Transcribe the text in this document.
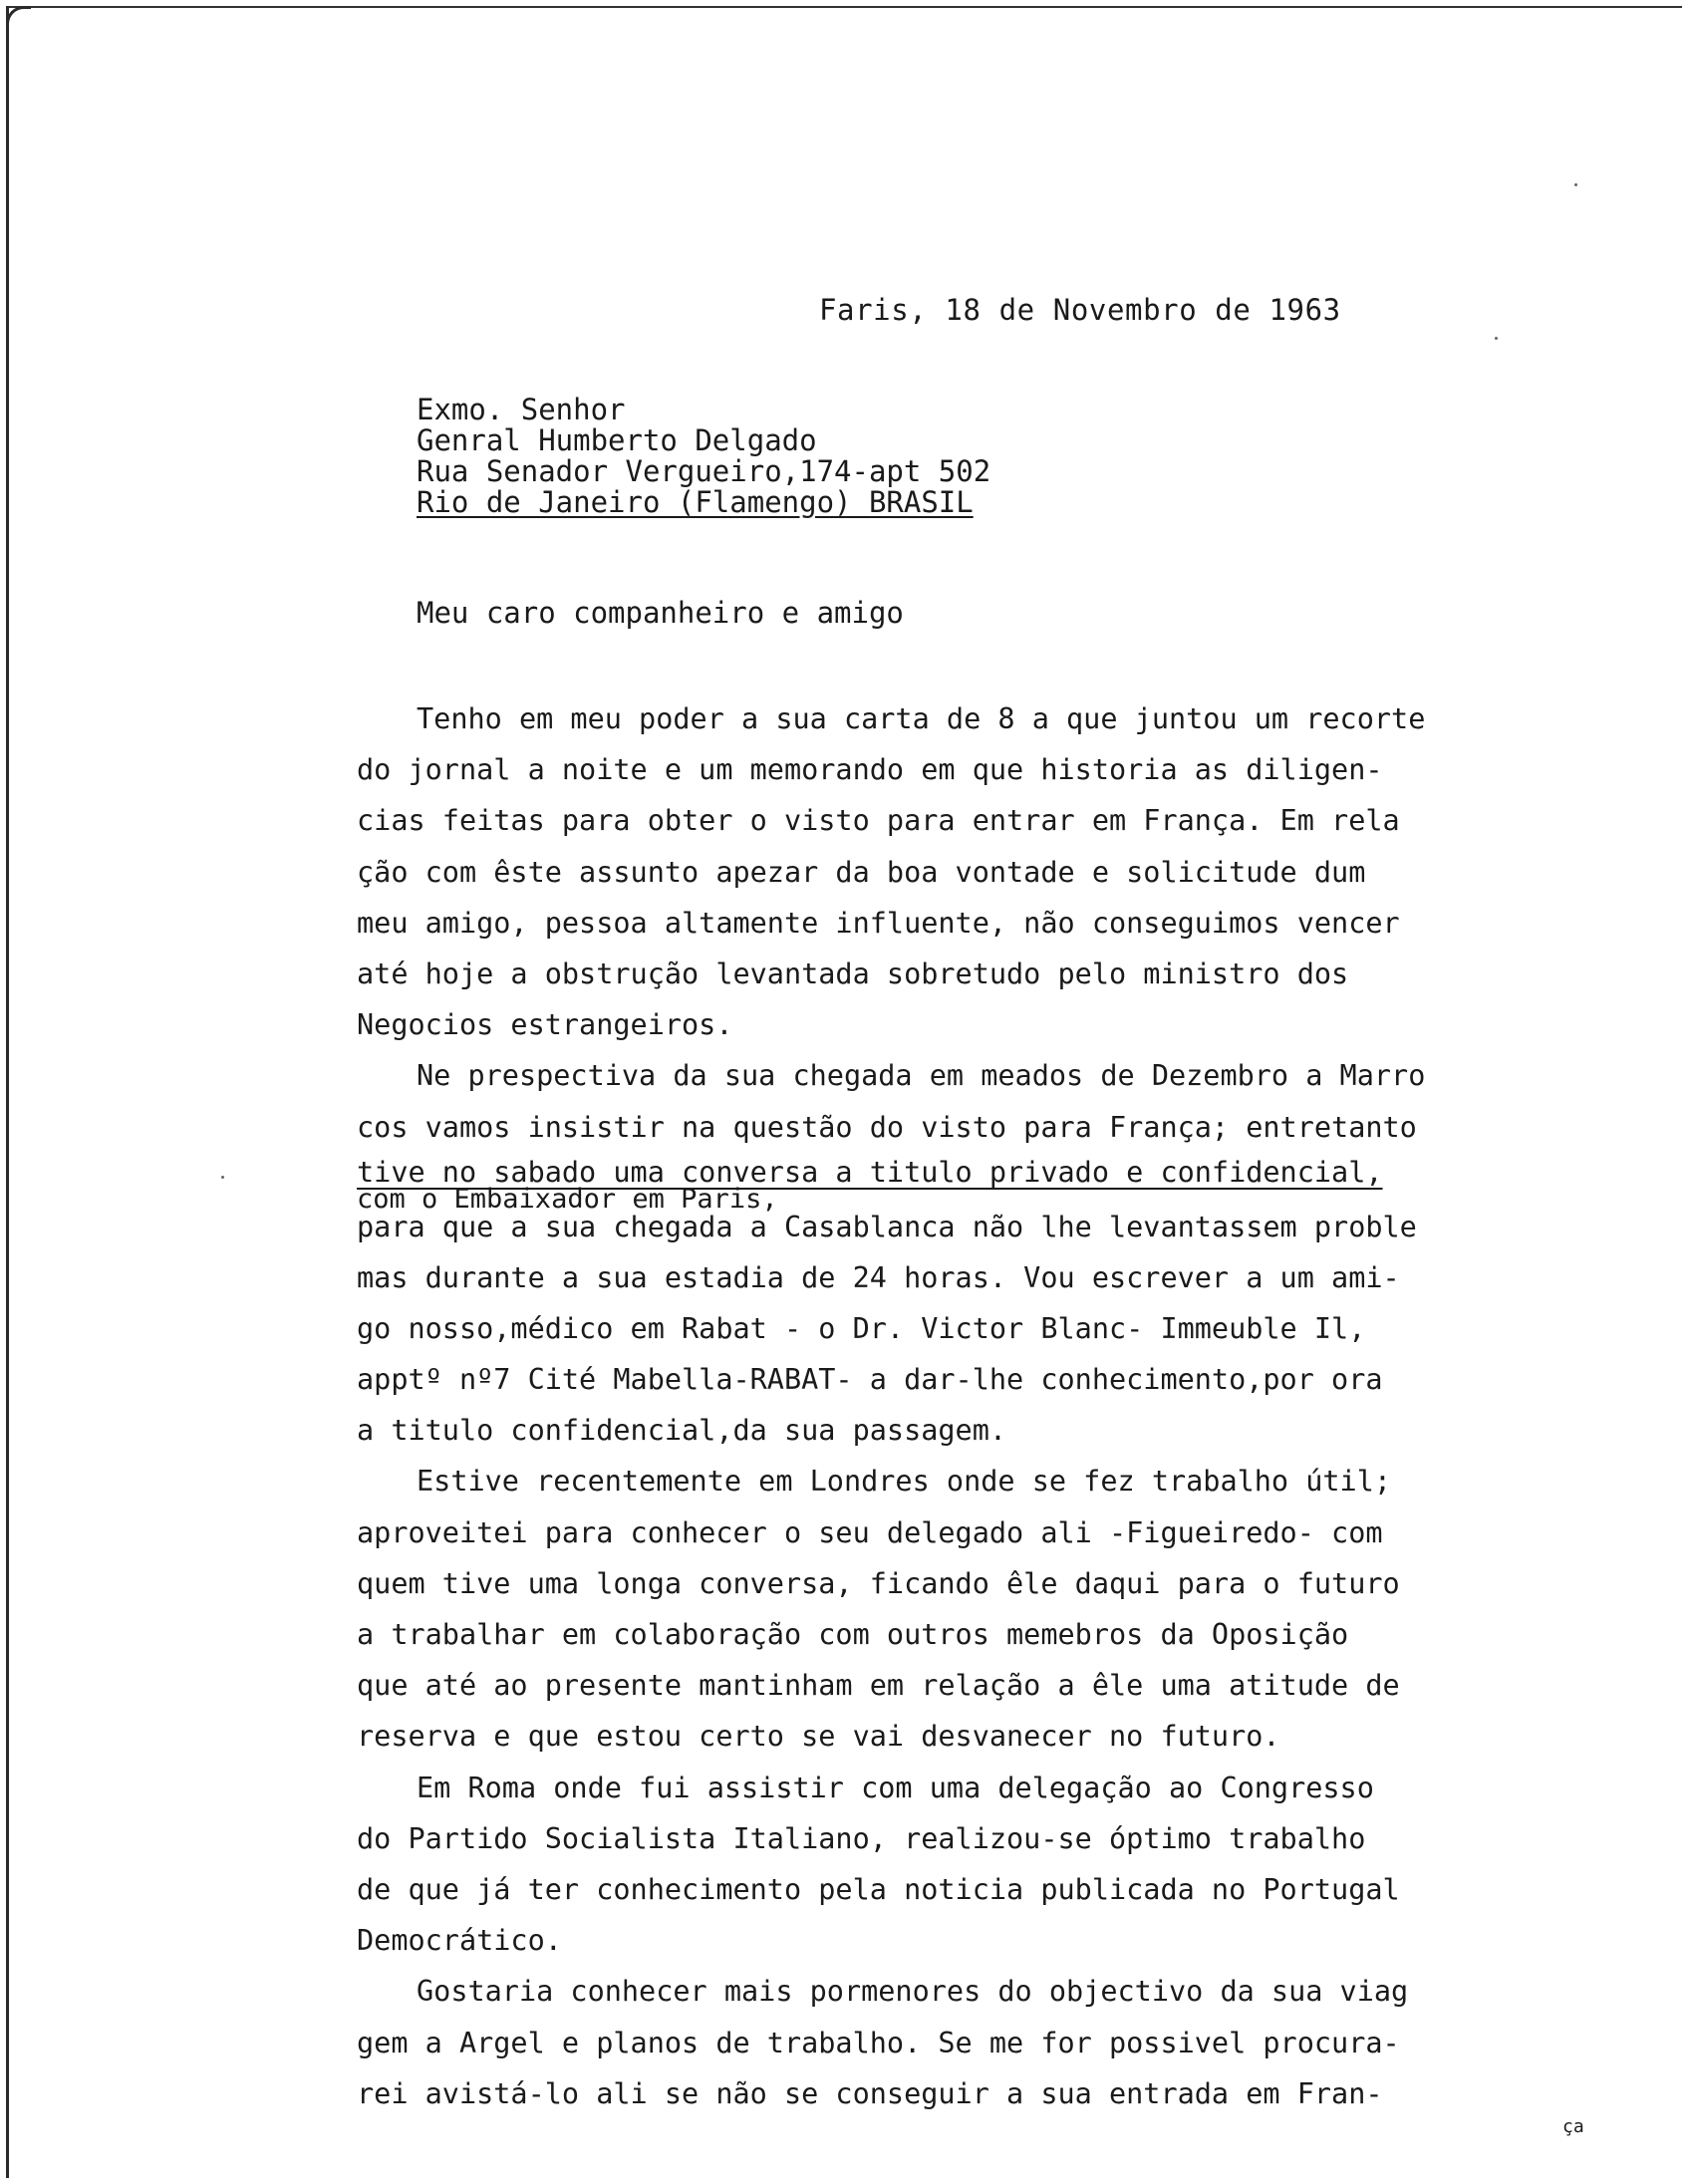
Faris, 18 de Novembro de 1963
Exmo. Senhor
Genral Humberto Delgado
Rua Senador Vergueiro,174-apt 502
Rio de Janeiro (Flamengo) BRASIL
Meu caro companheiro e amigo
Tenho em meu poder a sua carta de 8 a que juntou um recorte
do jornal a noite e um memorando em que historia as diligen-
cias feitas para obter o visto para entrar em França. Em rela
ção com êste assunto apezar da boa vontade e solicitude dum
meu amigo, pessoa altamente influente, não conseguimos vencer
até hoje a obstrução levantada sobretudo pelo ministro dos
Negocios estrangeiros.
Ne prespectiva da sua chegada em meados de Dezembro a Marro
cos vamos insistir na questão do visto para França; entretanto
tive no sabado uma conversa a titulo privado e confidencial,
com o Embaixador em Paris,
para que a sua chegada a Casablanca não lhe levantassem proble
mas durante a sua estadia de 24 horas. Vou escrever a um ami-
go nosso,médico em Rabat - o Dr. Victor Blanc- Immeuble Il,
apptº nº7 Cité Mabella-RABAT- a dar-lhe conhecimento,por ora
a titulo confidencial,da sua passagem.
Estive recentemente em Londres onde se fez trabalho útil;
aproveitei para conhecer o seu delegado ali -Figueiredo- com
quem tive uma longa conversa, ficando êle daqui para o futuro
a trabalhar em colaboração com outros memebros da Oposição
que até ao presente mantinham em relação a êle uma atitude de
reserva e que estou certo se vai desvanecer no futuro.
Em Roma onde fui assistir com uma delegação ao Congresso
do Partido Socialista Italiano, realizou-se óptimo trabalho
de que já ter conhecimento pela noticia publicada no Portugal
Democrático.
Gostaria conhecer mais pormenores do objectivo da sua viag
gem a Argel e planos de trabalho. Se me for possivel procura-
rei avistá-lo ali se não se conseguir a sua entrada em Fran-
ça
